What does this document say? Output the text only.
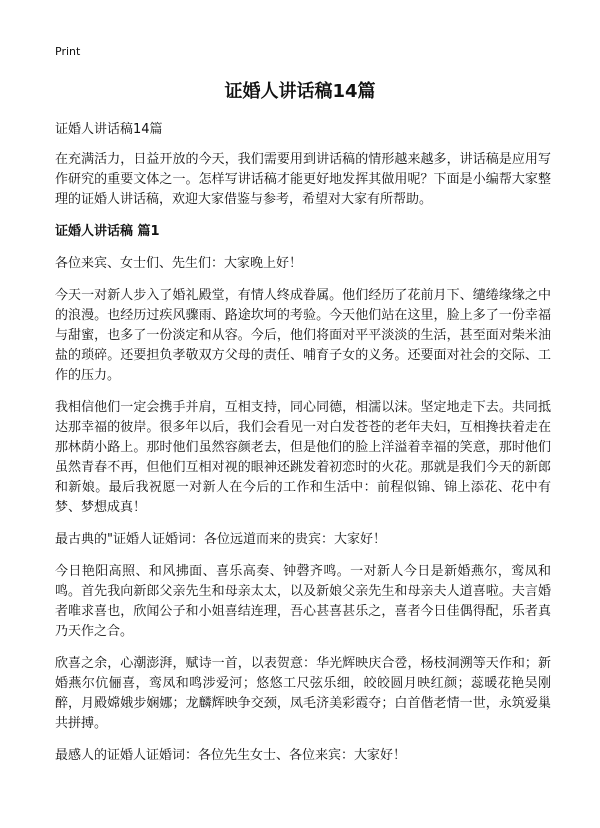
Print
证婚人讲话稿14篇
证婚人讲话稿14篇
在充满活力，日益开放的今天，我们需要用到讲话稿的情形越来越多，讲话稿是应用写作研究的重要文体之一。怎样写讲话稿才能更好地发挥其做用呢？下面是小编帮大家整理的证婚人讲话稿，欢迎大家借鉴与参考，希望对大家有所帮助。
证婚人讲话稿 篇1
各位来宾、女士们、先生们：大家晚上好！
今天一对新人步入了婚礼殿堂，有情人终成眷属。他们经历了花前月下、缱绻缘缘之中的浪漫。也经历过疾风骤雨、路途坎坷的考验。今天他们站在这里，脸上多了一份幸福与甜蜜，也多了一份淡定和从容。今后，他们将面对平平淡淡的生活，甚至面对柴米油盐的琐碎。还要担负孝敬双方父母的责任、哺育子女的义务。还要面对社会的交际、工作的压力。
我相信他们一定会携手并肩，互相支持，同心同德，相濡以沫。坚定地走下去。共同抵达那幸福的彼岸。很多年以后，我们会看见一对白发苍苍的老年夫妇，互相搀扶着走在那林荫小路上。那时他们虽然容颜老去，但是他们的脸上洋溢着幸福的笑意，那时他们虽然青春不再，但他们互相对视的眼神还跳发着初恋时的火花。那就是我们今天的新郎和新娘。最后我祝愿一对新人在今后的工作和生活中：前程似锦、锦上添花、花中有梦、梦想成真！
最古典的"证婚人证婚词：各位远道而来的贵宾：大家好！
今日艳阳高照、和风拂面、喜乐高奏、钟磬齐鸣。一对新人今日是新婚燕尔，鸾凤和鸣。首先我向新郎父亲先生和母亲太太，以及新娘父亲先生和母亲夫人道喜啦。夫言婚者唯求喜也，欣闻公子和小姐喜结连理，吾心甚喜甚乐之，喜者今日佳偶得配，乐者真乃天作之合。
欣喜之余，心潮澎湃，赋诗一首，以表贺意：华光辉映庆合卺，杨枝洞溯等天作和；新婚燕尔伉俪喜，鸾凤和鸣涉爱河；悠悠工尺弦乐细，皎皎圆月映红颜；蕊暖花艳吴刚醉，月殿嫦娥步娴娜；龙麟辉映争交颈，凤毛济美彩霞夺；白首偕老情一世，永筑爱巢共拼搏。
最感人的证婚人证婚词：各位先生女士、各位来宾：大家好！
